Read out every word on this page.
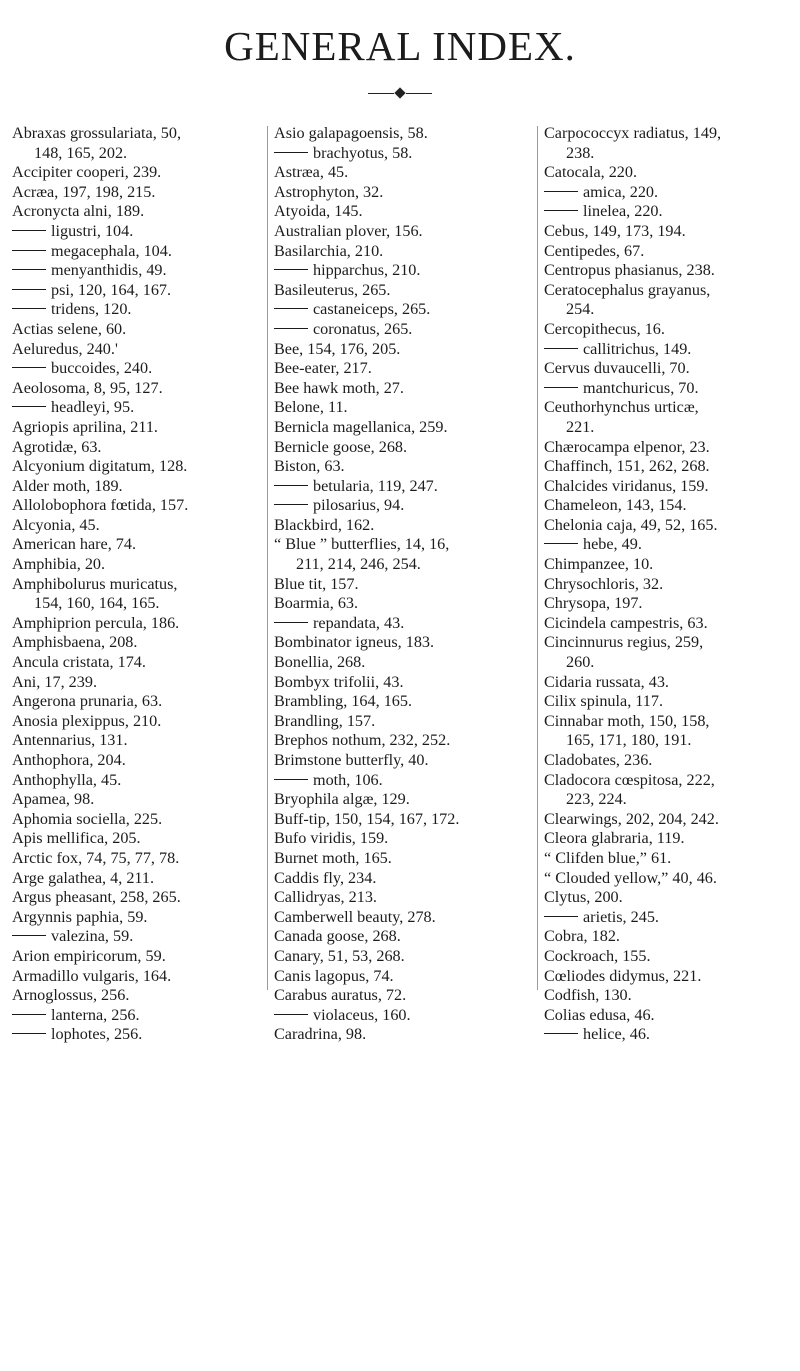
GENERAL INDEX.
Abraxas grossulariata, 50,
148, 165, 202.
Accipiter cooperi, 239.
Acræa, 197, 198, 215.
Acronycta alni, 189.
ligustri, 104.
megacephala, 104.
menyanthidis, 49.
psi, 120, 164, 167.
tridens, 120.
Actias selene, 60.
Aeluredus, 240.'
buccoides, 240.
Aeolosoma, 8, 95, 127.
headleyi, 95.
Agriopis aprilina, 211.
Agrotidæ, 63.
Alcyonium digitatum, 128.
Alder moth, 189.
Allolobophora fœtida, 157.
Alcyonia, 45.
American hare, 74.
Amphibia, 20.
Amphibolurus muricatus,
154, 160, 164, 165.
Amphiprion percula, 186.
Amphisbaena, 208.
Ancula cristata, 174.
Ani, 17, 239.
Angerona prunaria, 63.
Anosia plexippus, 210.
Antennarius, 131.
Anthophora, 204.
Anthophylla, 45.
Apamea, 98.
Aphomia sociella, 225.
Apis mellifica, 205.
Arctic fox, 74, 75, 77, 78.
Arge galathea, 4, 211.
Argus pheasant, 258, 265.
Argynnis paphia, 59.
valezina, 59.
Arion empiricorum, 59.
Armadillo vulgaris, 164.
Arnoglossus, 256.
lanterna, 256.
lophotes, 256.
Asio galapagoensis, 58.
brachyotus, 58.
Astræa, 45.
Astrophyton, 32.
Atyoida, 145.
Australian plover, 156.
Basilarchia, 210.
hipparchus, 210.
Basileuterus, 265.
castaneiceps, 265.
coronatus, 265.
Bee, 154, 176, 205.
Bee-eater, 217.
Bee hawk moth, 27.
Belone, 11.
Bernicla magellanica, 259.
Bernicle goose, 268.
Biston, 63.
betularia, 119, 247.
pilosarius, 94.
Blackbird, 162.
“ Blue ” butterflies, 14, 16,
211, 214, 246, 254.
Blue tit, 157.
Boarmia, 63.
repandata, 43.
Bombinator igneus, 183.
Bonellia, 268.
Bombyx trifolii, 43.
Brambling, 164, 165.
Brandling, 157.
Brephos nothum, 232, 252.
Brimstone butterfly, 40.
moth, 106.
Bryophila algæ, 129.
Buff-tip, 150, 154, 167, 172.
Bufo viridis, 159.
Burnet moth, 165.
Caddis fly, 234.
Callidryas, 213.
Camberwell beauty, 278.
Canada goose, 268.
Canary, 51, 53, 268.
Canis lagopus, 74.
Carabus auratus, 72.
violaceus, 160.
Caradrina, 98.
Carpococcyx radiatus, 149,
238.
Catocala, 220.
amica, 220.
linelea, 220.
Cebus, 149, 173, 194.
Centipedes, 67.
Centropus phasianus, 238.
Ceratocephalus grayanus,
254.
Cercopithecus, 16.
callitrichus, 149.
Cervus duvaucelli, 70.
mantchuricus, 70.
Ceuthorhynchus urticæ,
221.
Chærocampa elpenor, 23.
Chaffinch, 151, 262, 268.
Chalcides viridanus, 159.
Chameleon, 143, 154.
Chelonia caja, 49, 52, 165.
hebe, 49.
Chimpanzee, 10.
Chrysochloris, 32.
Chrysopa, 197.
Cicindela campestris, 63.
Cincinnurus regius, 259,
260.
Cidaria russata, 43.
Cilix spinula, 117.
Cinnabar moth, 150, 158,
165, 171, 180, 191.
Cladobates, 236.
Cladocora cœspitosa, 222,
223, 224.
Clearwings, 202, 204, 242.
Cleora glabraria, 119.
“ Clifden blue,” 61.
“ Clouded yellow,” 40, 46.
Clytus, 200.
arietis, 245.
Cobra, 182.
Cockroach, 155.
Cœliodes didymus, 221.
Codfish, 130.
Colias edusa, 46.
helice, 46.
